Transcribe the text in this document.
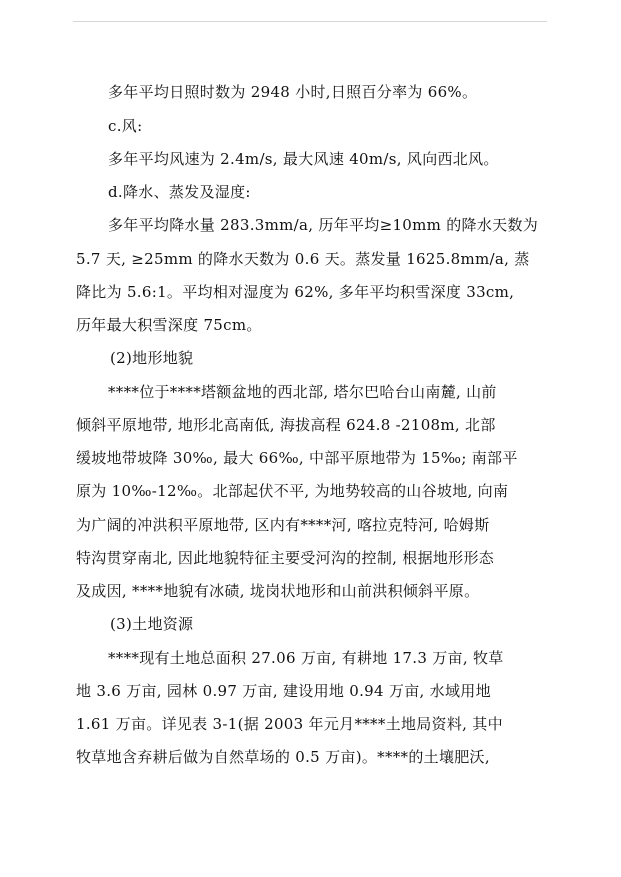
多年平均日照时数为 2948 小时,日照百分率为 66%。
c.风:
多年平均风速为 2.4m/s, 最大风速 40m/s, 风向西北风。
d.降水、蒸发及湿度:
多年平均降水量 283.3mm/a, 历年平均≥10mm 的降水天数为
5.7 天, ≥25mm 的降水天数为 0.6 天。蒸发量 1625.8mm/a, 蒸
降比为 5.6:1。平均相对湿度为 62%, 多年平均积雪深度 33cm,
历年最大积雪深度 75cm。
(2)地形地貌
****位于****塔额盆地的西北部, 塔尔巴哈台山南麓, 山前
倾斜平原地带, 地形北高南低, 海拔高程 624.8 -2108m, 北部
缓坡地带坡降 30‰, 最大 66‰, 中部平原地带为 15‰; 南部平
原为 10‰-12‰。北部起伏不平, 为地势较高的山谷坡地, 向南
为广阔的冲洪积平原地带, 区内有****河, 喀拉克特河, 哈姆斯
特沟贯穿南北, 因此地貌特征主要受河沟的控制, 根据地形形态
及成因, ****地貌有冰碛, 垅岗状地形和山前洪积倾斜平原。
(3)土地资源
****现有土地总面积 27.06 万亩, 有耕地 17.3 万亩, 牧草
地 3.6 万亩, 园林 0.97 万亩, 建设用地 0.94 万亩, 水域用地
1.61 万亩。详见表 3-1(据 2003 年元月****土地局资料, 其中
牧草地含弃耕后做为自然草场的 0.5 万亩)。****的土壤肥沃,
